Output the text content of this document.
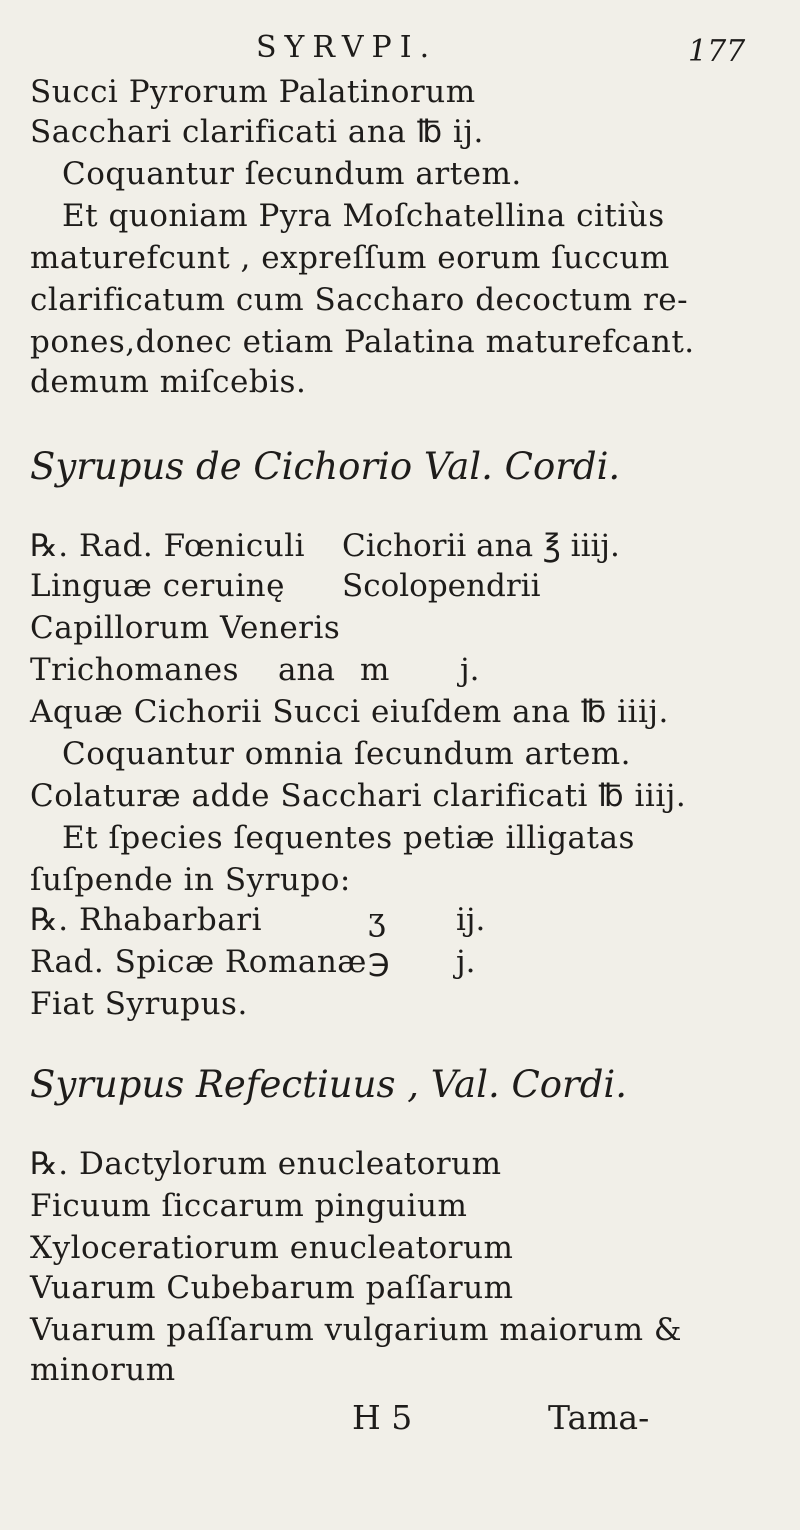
SYRVPI.	177
Succi Pyrorum Palatinorum
Sacchari clarificati ana ℔ ij.
Coquantur ſecundum artem.
Et quoniam Pyra Moſchatellina citiùs
maturefcunt , expreſſum eorum ſuccum
clarificatum cum Saccharo decoctum re-
pones,donec etiam Palatina maturefcant.
demum miſcebis.
Syrupus de Cichorio Val. Cordi.
℞. Rad. Fœniculi Cichorii ana ℥ iiij.
Linguæ ceruinę Scolopendrii
Capillorum Veneris
Trichomanes ana m j.
Aquæ Cichorii Succi eiuſdem ana ℔ iiij.
Coquantur omnia ſecundum artem.
Colaturæ adde Sacchari clarificati ℔ iiij.
Et ſpecies ſequentes petiæ illigatas
ſuſpende in Syrupo:
℞. Rhabarbari	ʒ ij.
Rad. Spicæ Romanæ ℈ j.
Fiat Syrupus.
Syrupus Refectiuus , Val. Cordi.
℞. Dactylorum enucleatorum
Ficuum ſiccarum pinguium
Xyloceratiorum enucleatorum
Vuarum Cubebarum paſſarum
Vuarum paſſarum vulgarium maiorum &
minorum
H 5	Tama-
